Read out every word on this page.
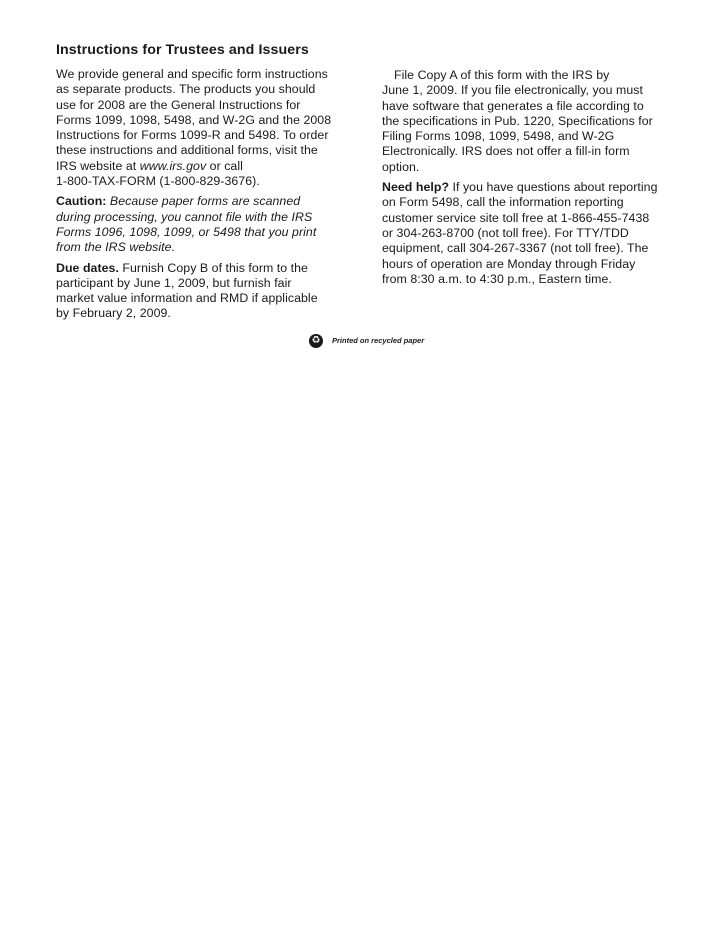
Instructions for Trustees and Issuers

We provide general and specific form instructions
as separate products. The products you should
use for 2008 are the General Instructions for
Forms 1099, 1098, 5498, and W-2G and the 2008
Instructions for Forms 1099-R and 5498. To order
these instructions and additional forms, visit the
IRS website at www.irs.gov or call
1-800-TAX-FORM (1-800-829-3676).

Caution: Because paper forms are scanned
during processing, you cannot file with the IRS
Forms 1096, 1098, 1099, or 5498 that you print
from the IRS website.

Due dates. Furnish Copy B of this form to the
participant by June 1, 2009, but furnish fair
market value information and RMD if applicable
by February 2, 2009.

File Copy A of this form with the IRS by
June 1, 2009. If you file electronically, you must
have software that generates a file according to
the specifications in Pub. 1220, Specifications for
Filing Forms 1098, 1099, 5498, and W-2G
Electronically. IRS does not offer a fill-in form
option.

Need help? If you have questions about reporting
on Form 5498, call the information reporting
customer service site toll free at 1-866-455-7438
or 304-263-8700 (not toll free). For TTY/TDD
equipment, call 304-267-3367 (not toll free). The
hours of operation are Monday through Friday
from 8:30 a.m. to 4:30 p.m., Eastern time.

♻	Printed on recycled paper
